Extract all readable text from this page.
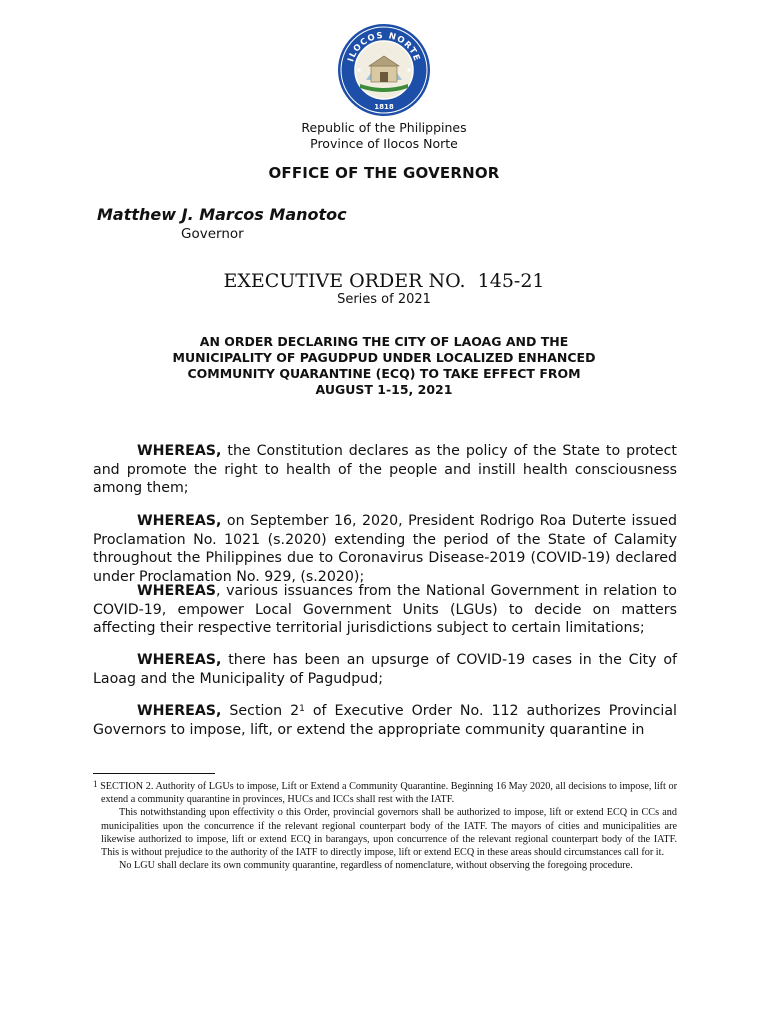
ILOCOS NORTE
1818
Republic of the Philippines
Province of Ilocos Norte
OFFICE OF THE GOVERNOR
Matthew J. Marcos Manotoc
Governor
EXECUTIVE ORDER NO.  145-21
Series of 2021
AN ORDER DECLARING THE CITY OF LAOAG AND THE
MUNICIPALITY OF PAGUDPUD UNDER LOCALIZED ENHANCED
COMMUNITY QUARANTINE (ECQ) TO TAKE EFFECT FROM
AUGUST 1-15, 2021
WHEREAS, the Constitution declares as the policy of the State to protect and promote the right to health of the people and instill health consciousness among them;
WHEREAS, on September 16, 2020, President Rodrigo Roa Duterte issued Proclamation No. 1021 (s.2020) extending the period of the State of Calamity throughout the Philippines due to Coronavirus Disease-2019 (COVID-19) declared under Proclamation No. 929, (s.2020);
WHEREAS, various issuances from the National Government in relation to COVID-19, empower Local Government Units (LGUs) to decide on matters affecting their respective territorial jurisdictions subject to certain limitations;
WHEREAS, there has been an upsurge of COVID-19 cases in the City of Laoag and the Municipality of Pagudpud;
WHEREAS, Section $2^1$ of Executive Order No. 112 authorizes Provincial Governors to impose, lift, or extend the appropriate community quarantine in
1 SECTION 2. Authority of LGUs to impose, Lift or Extend a Community Quarantine. Beginning 16 May 2020, all decisions to impose, lift or extend a community quarantine in provinces, HUCs and ICCs shall rest with the IATF.
This notwithstanding upon effectivity o this Order, provincial governors shall be authorized to impose, lift or extend ECQ in CCs and municipalities upon the concurrence if the relevant regional counterpart body of the IATF. The mayors of cities and municipalities are likewise authorized to impose, lift or extend ECQ in barangays, upon concurrence of the relevant regional counterpart body of the IATF. This is without prejudice to the authority of the IATF to directly impose, lift or extend ECQ in these areas should circumstances call for it.
No LGU shall declare its own community quarantine, regardless of nomenclature, without observing the foregoing procedure.
